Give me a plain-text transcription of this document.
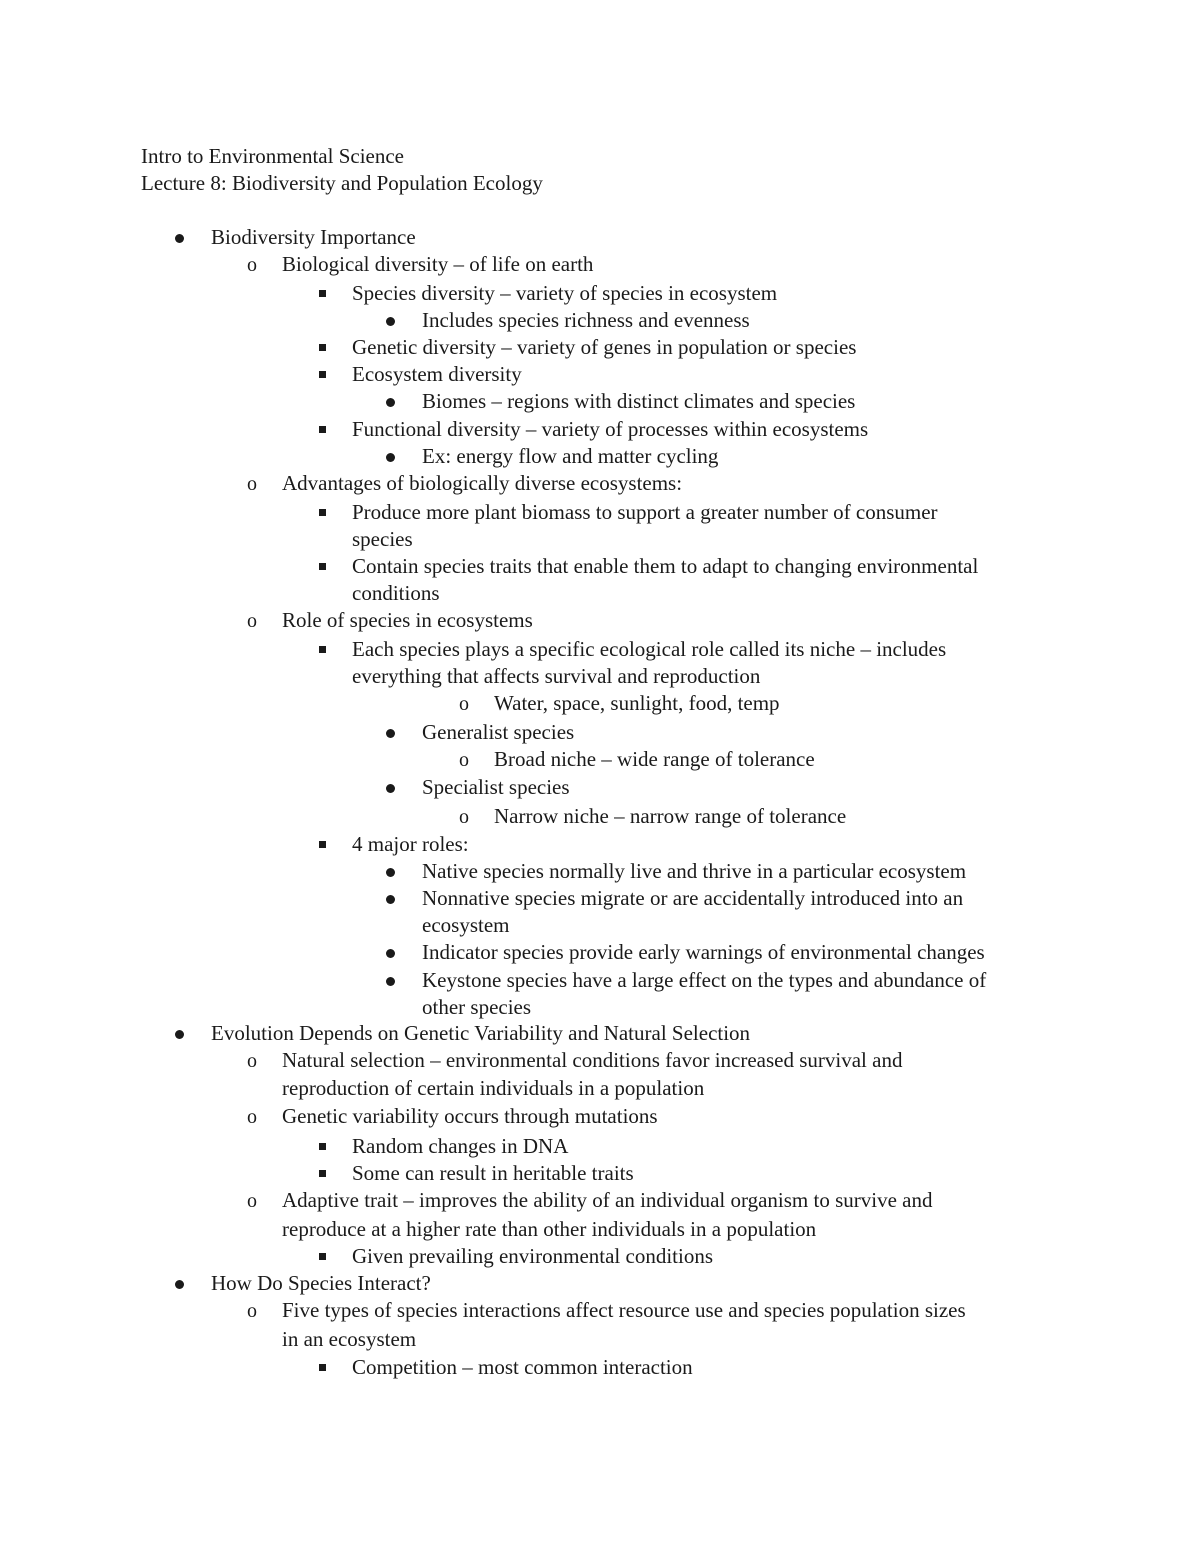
Intro to Environmental Science
Lecture 8: Biodiversity and Population Ecology
Biodiversity Importance
o Biological diversity – of life on earth
Species diversity – variety of species in ecosystem
Includes species richness and evenness
Genetic diversity – variety of genes in population or species
Ecosystem diversity
Biomes – regions with distinct climates and species
Functional diversity – variety of processes within ecosystems
Ex: energy flow and matter cycling
o Advantages of biologically diverse ecosystems:
Produce more plant biomass to support a greater number of consumer
species
Contain species traits that enable them to adapt to changing environmental
conditions
o Role of species in ecosystems
Each species plays a specific ecological role called its niche – includes
everything that affects survival and reproduction
o Water, space, sunlight, food, temp
Generalist species
o Broad niche – wide range of tolerance
Specialist species
o Narrow niche – narrow range of tolerance
4 major roles:
Native species normally live and thrive in a particular ecosystem
Nonnative species migrate or are accidentally introduced into an
ecosystem
Indicator species provide early warnings of environmental changes
Keystone species have a large effect on the types and abundance of
other species
Evolution Depends on Genetic Variability and Natural Selection
o Natural selection – environmental conditions favor increased survival and
reproduction of certain individuals in a population
o Genetic variability occurs through mutations
Random changes in DNA
Some can result in heritable traits
o Adaptive trait – improves the ability of an individual organism to survive and
reproduce at a higher rate than other individuals in a population
Given prevailing environmental conditions
How Do Species Interact?
o Five types of species interactions affect resource use and species population sizes
in an ecosystem
Competition – most common interaction
